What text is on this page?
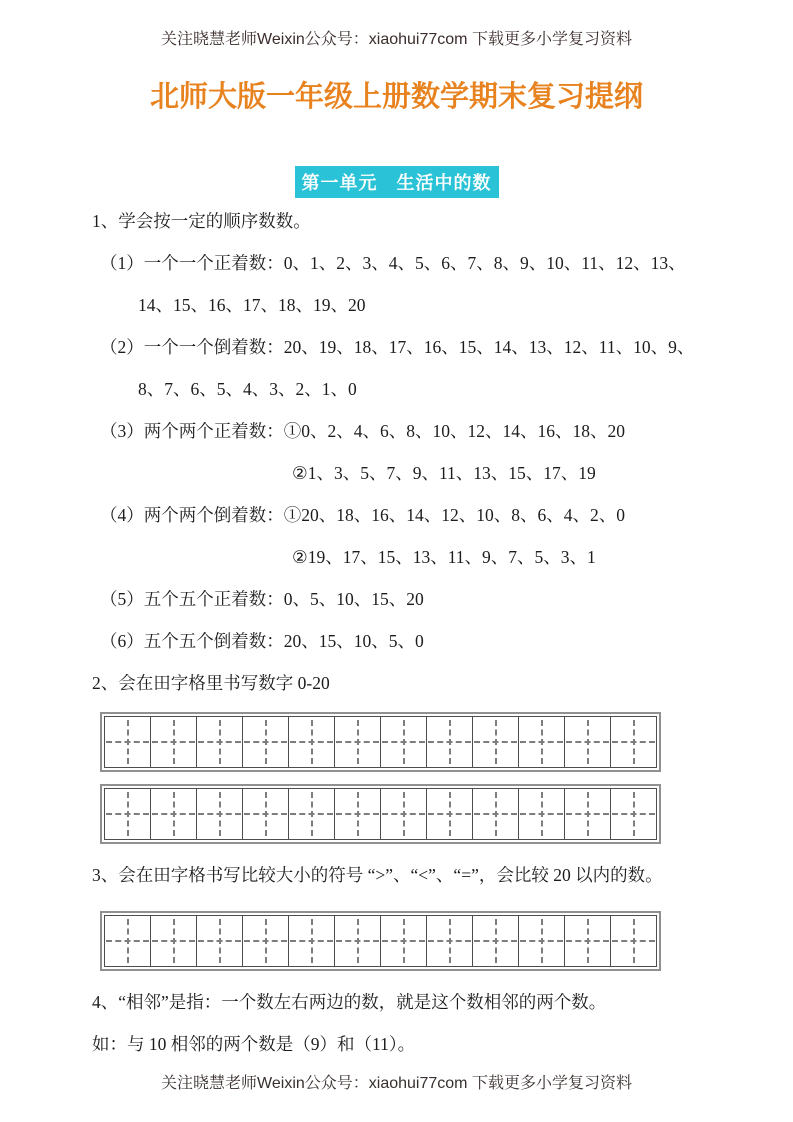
关注晓慧老师Weixin公众号：xiaohui77com 下载更多小学复习资料
北师大版一年级上册数学期末复习提纲
第一单元　生活中的数
1、学会按一定的顺序数数。
（1）一个一个正着数：0、1、2、3、4、5、6、7、8、9、10、11、12、13、
14、15、16、17、18、19、20
（2）一个一个倒着数：20、19、18、17、16、15、14、13、12、11、10、9、
8、7、6、5、4、3、2、1、0
（3）两个两个正着数：①0、2、4、6、8、10、12、14、16、18、20
②1、3、5、7、9、11、13、15、17、19
（4）两个两个倒着数：①20、18、16、14、12、10、8、6、4、2、0
②19、17、15、13、11、9、7、5、3、1
（5）五个五个正着数：0、5、10、15、20
（6）五个五个倒着数：20、15、10、5、0
2、会在田字格里书写数字 0-20
3、会在田字格书写比较大小的符号 “>”、“<”、“=”，会比较 20 以内的数。
4、“相邻”是指：一个数左右两边的数，就是这个数相邻的两个数。
如：与 10 相邻的两个数是（9）和（11）。
关注晓慧老师Weixin公众号：xiaohui77com 下载更多小学复习资料
